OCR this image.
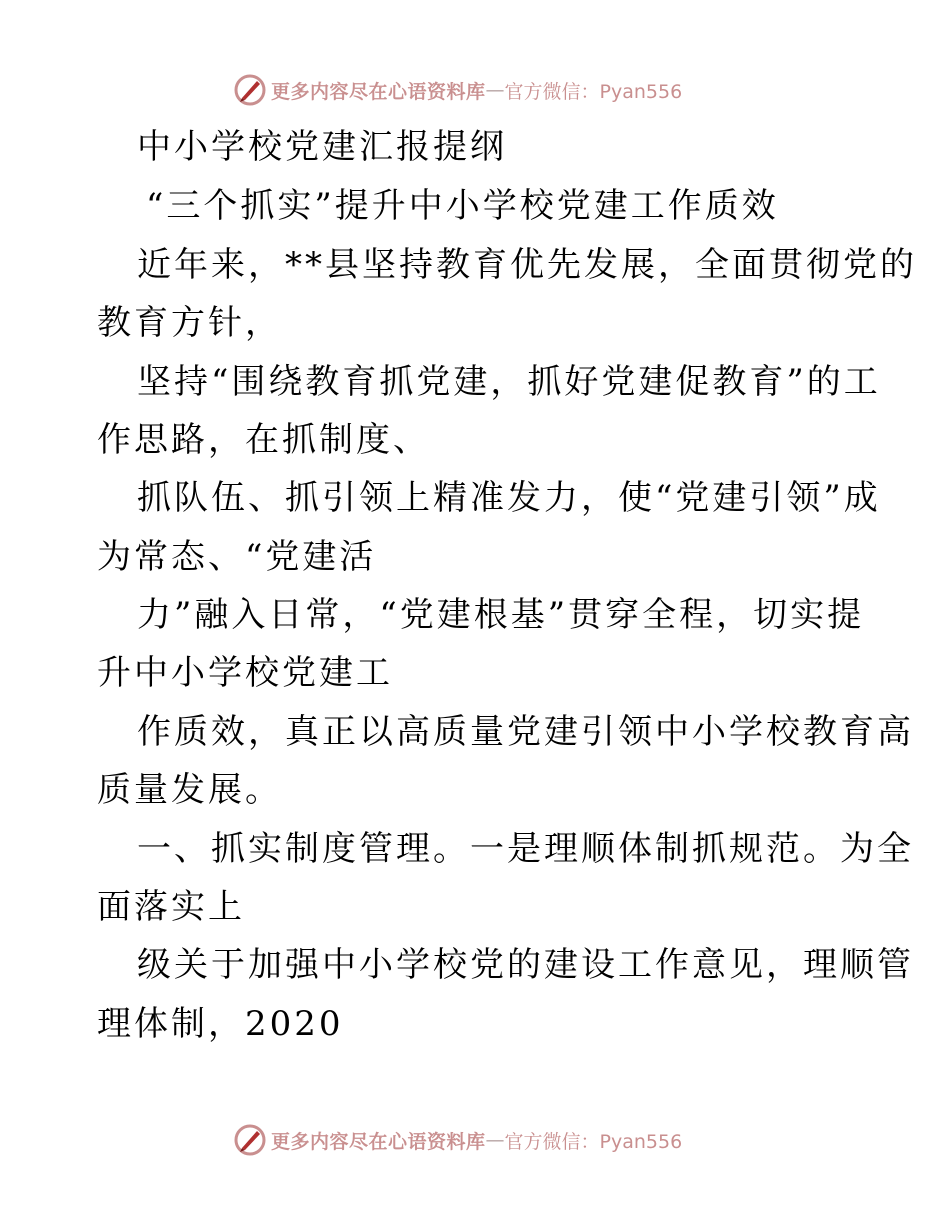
更多内容尽在心语资料库 — 官方微信：Pyan556
中小学校党建汇报提纲
“三个抓实”提升中小学校党建工作质效
近年来，**县坚持教育优先发展，全面贯彻党的
教育方针，
坚持“围绕教育抓党建，抓好党建促教育”的工
作思路，在抓制度、
抓队伍、抓引领上精准发力，使“党建引领”成
为常态、“党建活
力”融入日常，“党建根基”贯穿全程，切实提
升中小学校党建工
作质效，真正以高质量党建引领中小学校教育高
质量发展。
一、抓实制度管理。一是理顺体制抓规范。为全
面落实上
级关于加强中小学校党的建设工作意见，理顺管
理体制，2020
更多内容尽在心语资料库 — 官方微信：Pyan556
